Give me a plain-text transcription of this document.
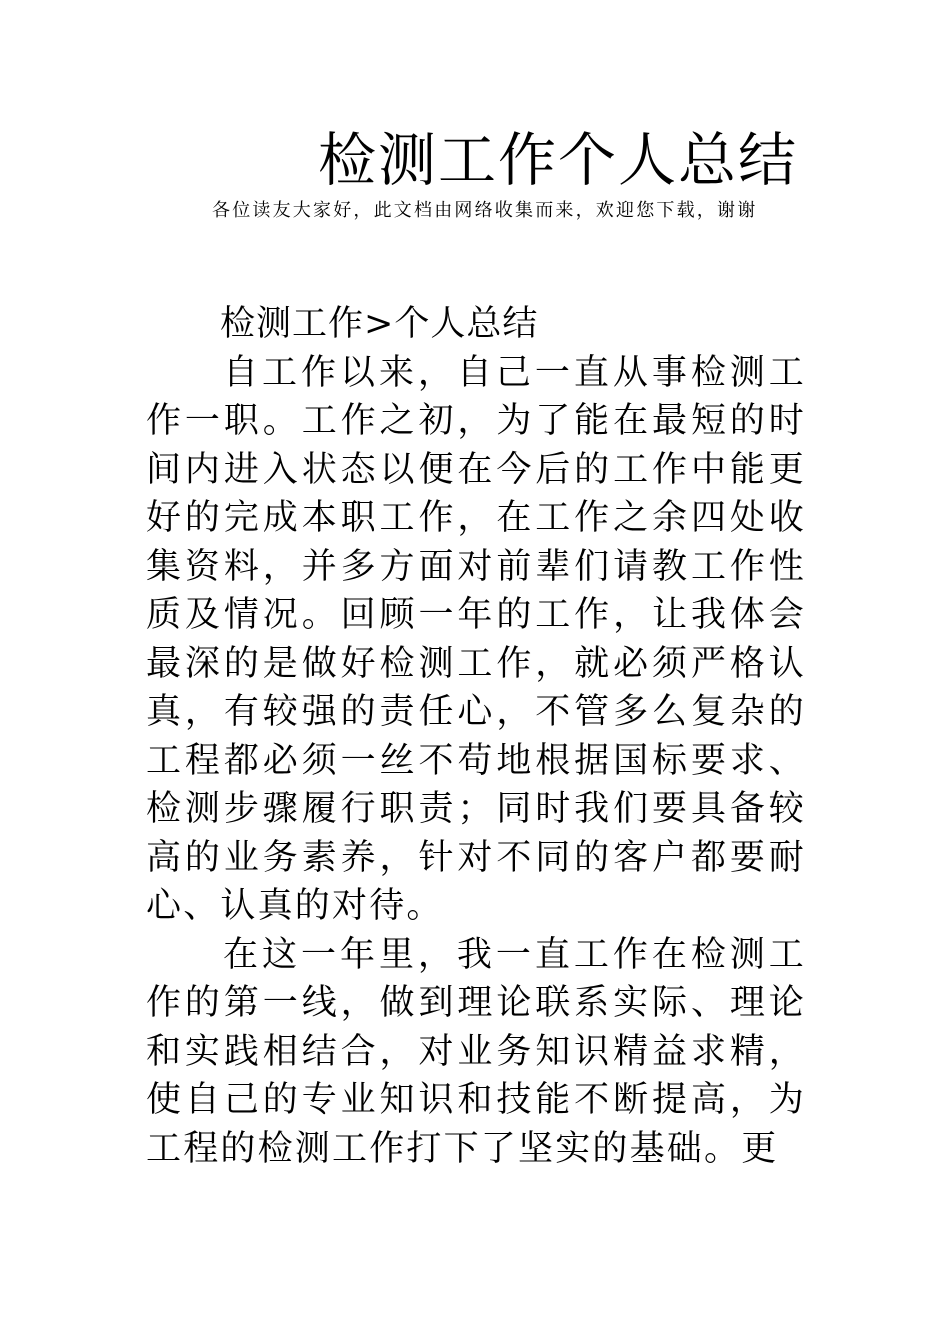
检测工作个人总结
各位读友大家好，此文档由网络收集而来，欢迎您下载，谢谢

检测工作>个人总结

自工作以来，自己一直从事检测工作一职。工作之初，为了能在最短的时间内进入状态以便在今后的工作中能更好的完成本职工作，在工作之余四处收集资料，并多方面对前辈们请教工作性质及情况。回顾一年的工作，让我体会最深的是做好检测工作，就必须严格认真，有较强的责任心，不管多么复杂的工程都必须一丝不苟地根据国标要求、检测步骤履行职责；同时我们要具备较高的业务素养，针对不同的客户都要耐心、认真的对待。

在这一年里，我一直工作在检测工作的第一线，做到理论联系实际、理论和实践相结合，对业务知识精益求精，使自己的专业知识和技能不断提高，为工程的检测工作打下了坚实的基础。更
